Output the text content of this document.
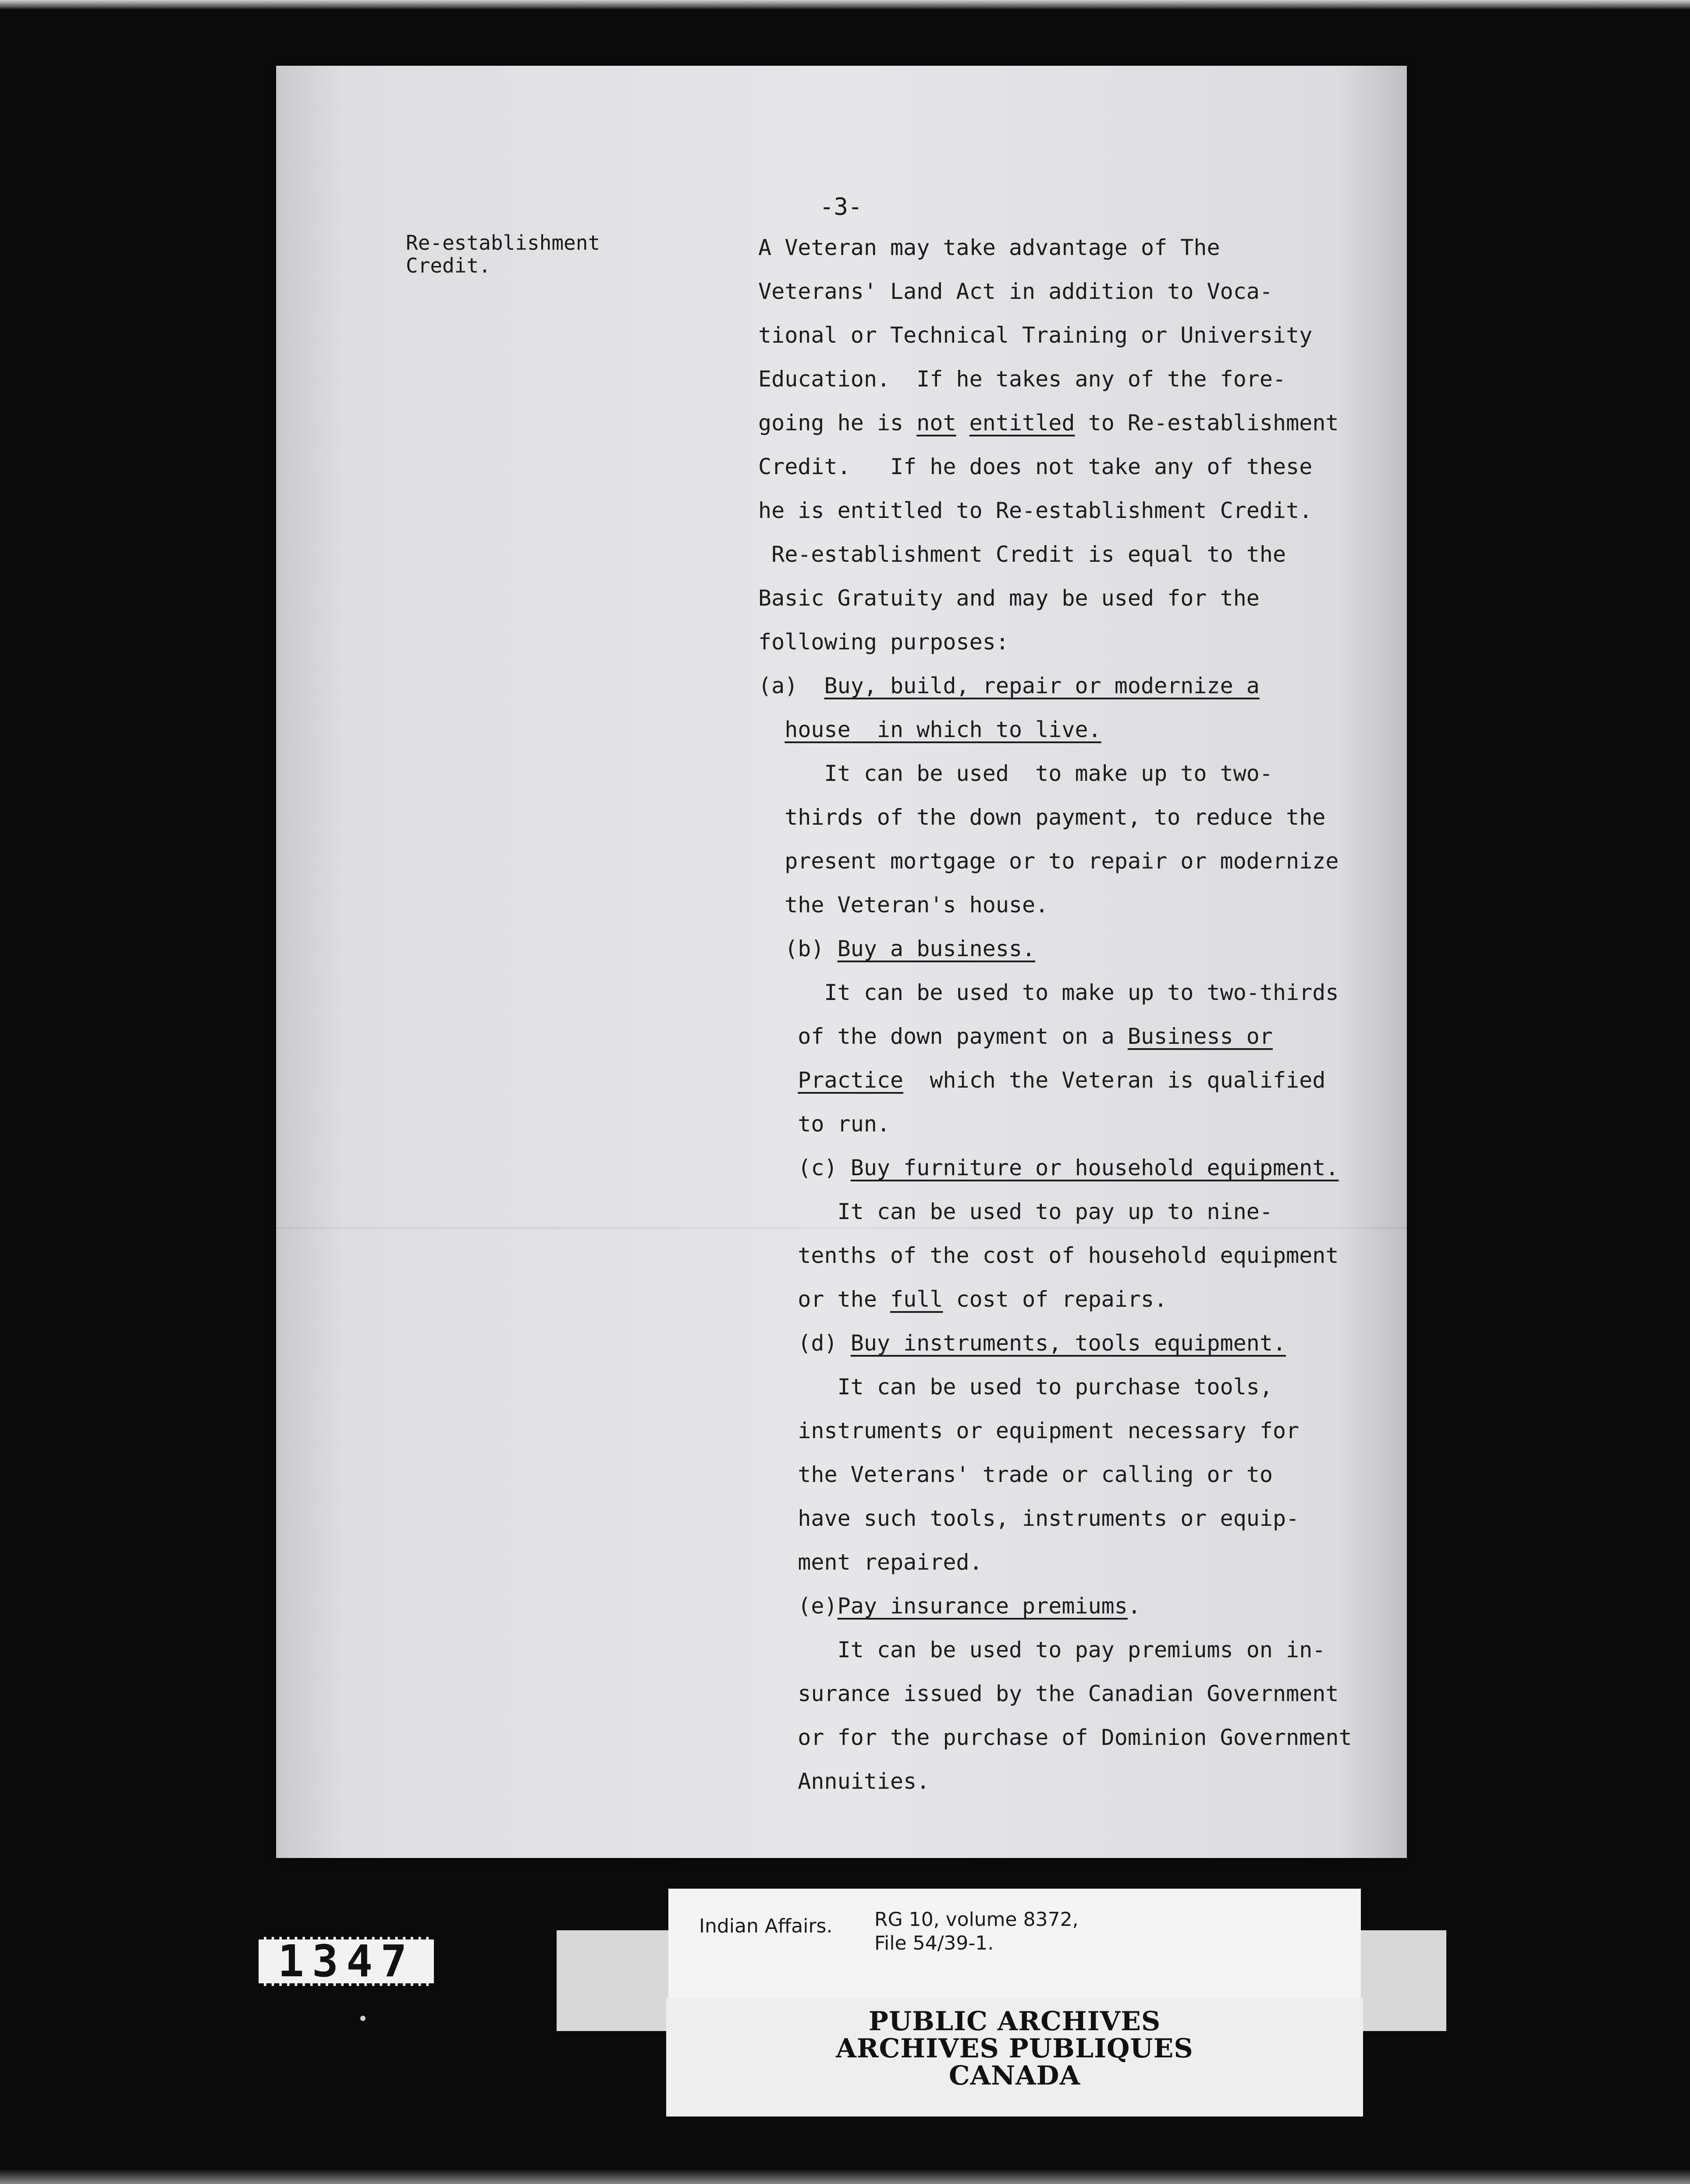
-3-

Re-establishment
Credit.

A Veteran may take advantage of The

Veterans' Land Act in addition to Voca-

tional or Technical Training or University

Education.  If he takes any of the fore-

going he is not entitled to Re-establishment

Credit.   If he does not take any of these

he is entitled to Re-establishment Credit.

Re-establishment Credit is equal to the

Basic Gratuity and may be used for the

following purposes:

(a)  Buy, build, repair or modernize a

house  in which to live.

It can be used  to make up to two-

thirds of the down payment, to reduce the

present mortgage or to repair or modernize

the Veteran's house.

(b) Buy a business.

It can be used to make up to two-thirds

of the down payment on a Business or

Practice  which the Veteran is qualified

to run.

(c) Buy furniture or household equipment.

It can be used to pay up to nine-

tenths of the cost of household equipment

or the full cost of repairs.

(d) Buy instruments, tools equipment.

It can be used to purchase tools,

instruments or equipment necessary for

the Veterans' trade or calling or to

have such tools, instruments or equip-

ment repaired.

(e)Pay insurance premiums.

It can be used to pay premiums on in-

surance issued by the Canadian Government

or for the purchase of Dominion Government

Annuities.

1347

Indian Affairs. RG 10, volume 8372,
File 54/39-1.

PUBLIC ARCHIVES
ARCHIVES PUBLIQUES
CANADA
